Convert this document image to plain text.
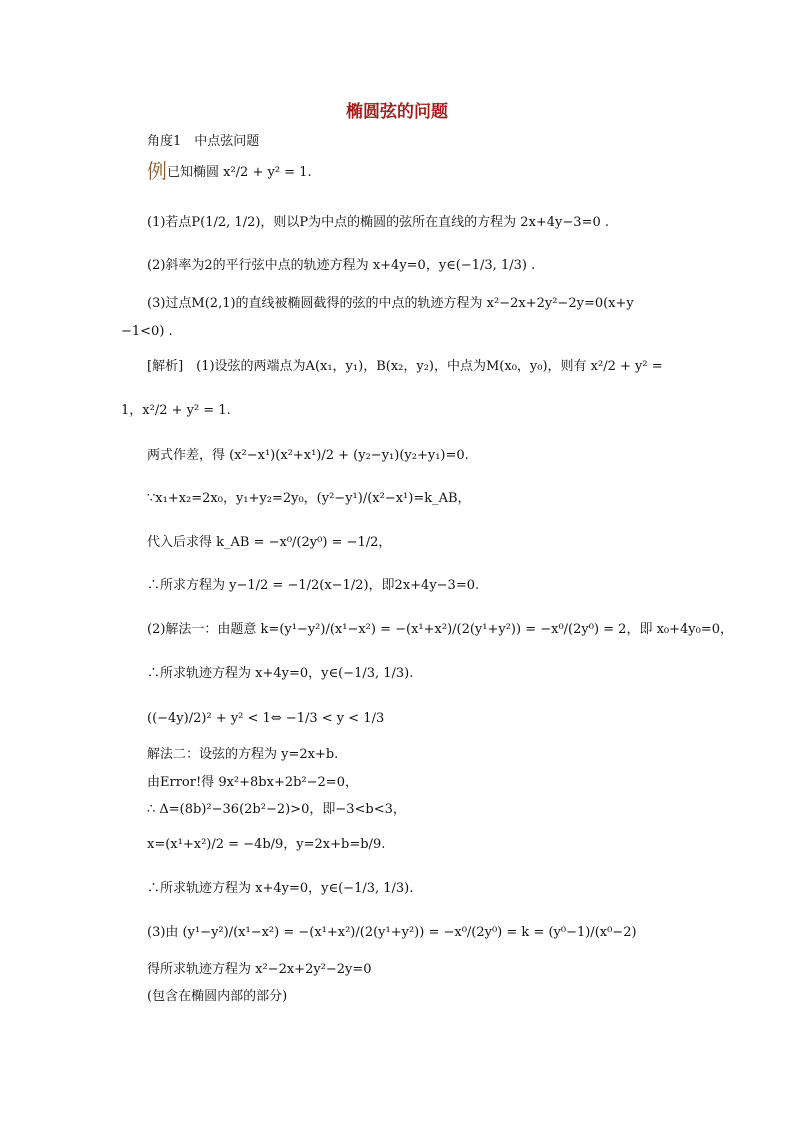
椭圆弦的问题
角度1　中点弦问题
例已知椭圆 x²/2 + y² = 1.
(1)若点P(1/2, 1/2)，则以P为中点的椭圆的弦所在直线的方程为 2x+4y−3=0 .
(2)斜率为2的平行弦中点的轨迹方程为 x+4y=0，y∈(−1/3, 1/3) .
(3)过点M(2,1)的直线被椭圆截得的弦的中点的轨迹方程为 x²−2x+2y²−2y=0(x+y
−1<0) .
[解析]　(1)设弦的两端点为A(x₁，y₁)，B(x₂，y₂)，中点为M(x₀，y₀)，则有 x²/2 + y² =
1，x²/2 + y² = 1.
两式作差，得 (x²−x¹)(x²+x¹)/2 + (y₂−y₁)(y₂+y₁)=0.
∵x₁+x₂=2x₀，y₁+y₂=2y₀，(y²−y¹)/(x²−x¹)=k_AB，
代入后求得 k_AB = −x⁰/(2y⁰) = −1/2，
∴所求方程为 y−1/2 = −1/2(x−1/2)，即2x+4y−3=0.
(2)解法一：由题意 k=(y¹−y²)/(x¹−x²) = −(x¹+x²)/(2(y¹+y²)) = −x⁰/(2y⁰) = 2，即 x₀+4y₀=0，
∴所求轨迹方程为 x+4y=0，y∈(−1/3, 1/3).
((−4y)/2)² + y² < 1⇔ −1/3 < y < 1/3
解法二：设弦的方程为 y=2x+b.
由Error!得 9x²+8bx+2b²−2=0，
∴ Δ=(8b)²−36(2b²−2)>0，即−3<b<3，
x=(x¹+x²)/2 = −4b/9，y=2x+b=b/9.
∴所求轨迹方程为 x+4y=0，y∈(−1/3, 1/3).
(3)由 (y¹−y²)/(x¹−x²) = −(x¹+x²)/(2(y¹+y²)) = −x⁰/(2y⁰) = k = (y⁰−1)/(x⁰−2)
得所求轨迹方程为 x²−2x+2y²−2y=0
(包含在椭圆内部的部分)
